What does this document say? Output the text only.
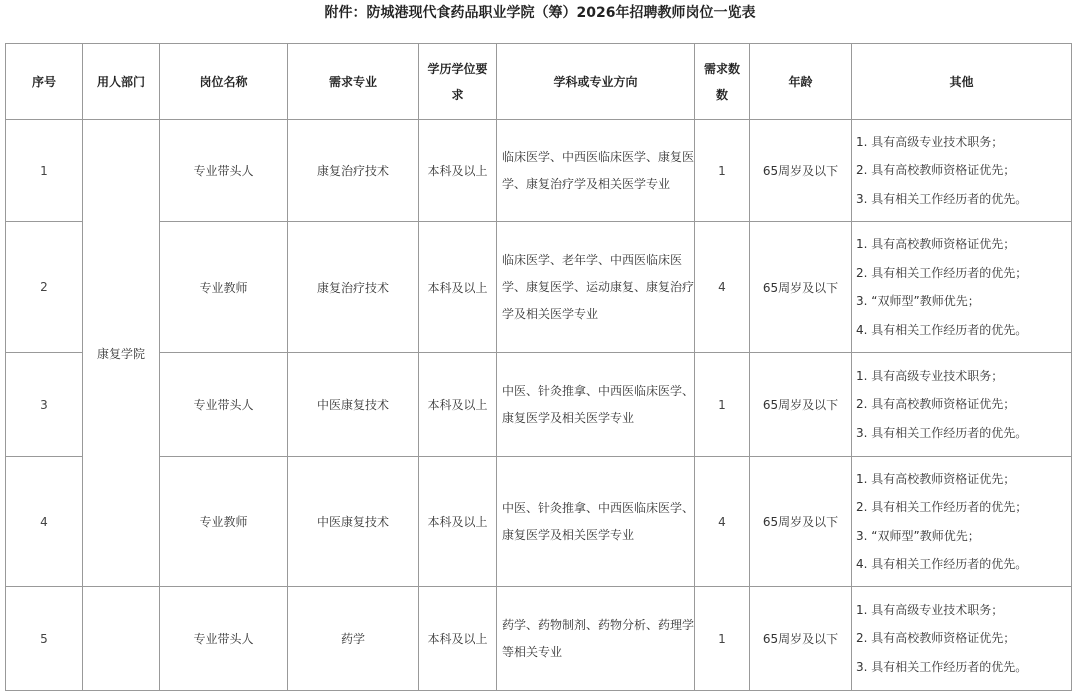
附件：防城港现代食药品职业学院（筹）2026年招聘教师岗位一览表
序号	用人部门	岗位名称	需求专业	学历学位要求	学科或专业方向	需求数数	年龄	其他
1	康复学院	专业带头人	康复治疗技术	本科及以上	临床医学、中西医临床医学、康复医学、康复治疗学及相关医学专业	1	65周岁及以下	1. 具有高级专业技术职务；
2. 具有高校教师资格证优先；
3. 具有相关工作经历者的优先。

2		专业教师	康复治疗技术	本科及以上	临床医学、老年学、中西医临床医学、康复医学、运动康复、康复治疗学及相关医学专业	4	65周岁及以下	1. 具有高校教师资格证优先；
2. 具有相关工作经历者的优先；
3. “双师型”教师优先；
4. 具有相关工作经历者的优先。

3		专业带头人	中医康复技术	本科及以上	中医、针灸推拿、中西医临床医学、康复医学及相关医学专业	1	65周岁及以下	1. 具有高级专业技术职务；
2. 具有高校教师资格证优先；
3. 具有相关工作经历者的优先。

4		专业教师	中医康复技术	本科及以上	中医、针灸推拿、中西医临床医学、康复医学及相关医学专业	4	65周岁及以下	1. 具有高校教师资格证优先；
2. 具有相关工作经历者的优先；
3. “双师型”教师优先；
4. 具有相关工作经历者的优先。

5		专业带头人	药学	本科及以上	药学、药物制剂、药物分析、药理学等相关专业	1	65周岁及以下	1. 具有高级专业技术职务；
2. 具有高校教师资格证优先；
3. 具有相关工作经历者的优先。
